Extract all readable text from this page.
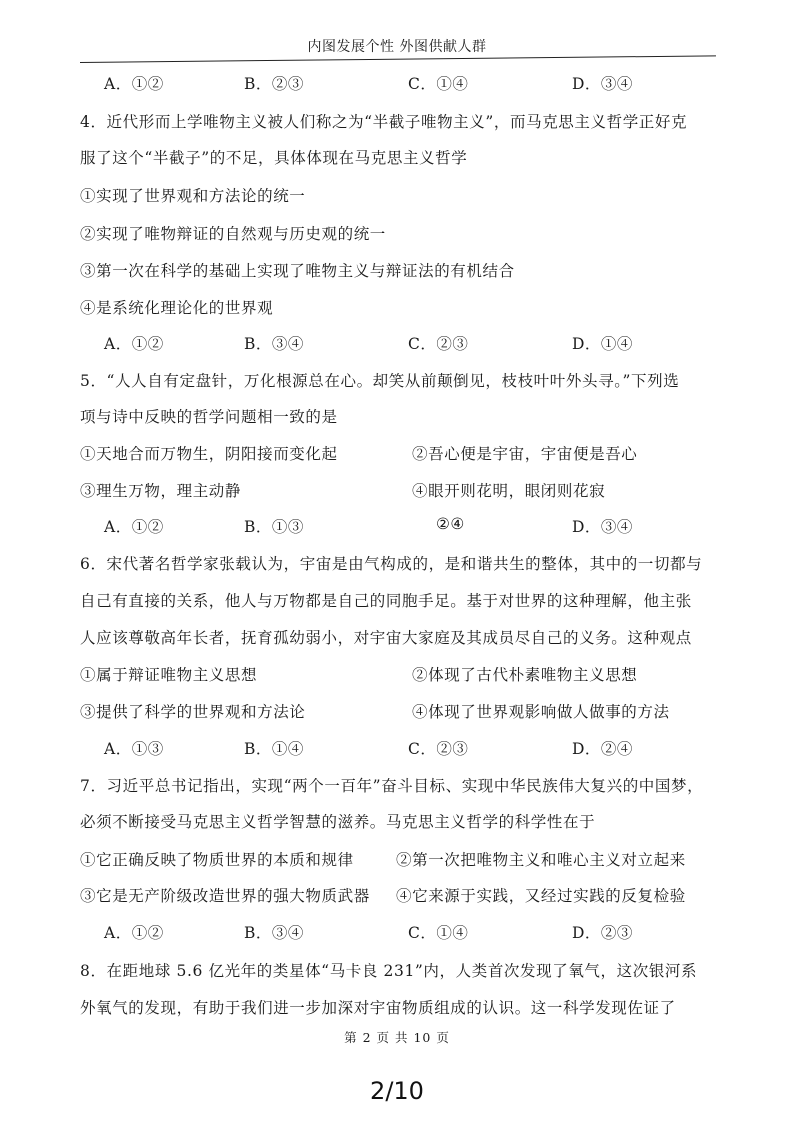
内图发展个性 外图供献人群
A．①②	B．②③	C．①④	D．③④
4．近代形而上学唯物主义被人们称之为“半截子唯物主义”，而马克思主义哲学正好克
服了这个“半截子”的不足，具体体现在马克思主义哲学
①实现了世界观和方法论的统一
②实现了唯物辩证的自然观与历史观的统一
③第一次在科学的基础上实现了唯物主义与辩证法的有机结合
④是系统化理论化的世界观
A．①②	B．③④	C．②③	D．①④
5．“人人自有定盘针，万化根源总在心。却笑从前颠倒见，枝枝叶叶外头寻。”下列选
项与诗中反映的哲学问题相一致的是
①天地合而万物生，阴阳接而变化起	②吾心便是宇宙，宇宙便是吾心
③理生万物，理主动静	④眼开则花明，眼闭则花寂
A．①②	B．①③	②④	D．③④
6．宋代著名哲学家张载认为，宇宙是由气构成的，是和谐共生的整体，其中的一切都与
自己有直接的关系，他人与万物都是自己的同胞手足。基于对世界的这种理解，他主张
人应该尊敬高年长者，抚育孤幼弱小，对宇宙大家庭及其成员尽自己的义务。这种观点
①属于辩证唯物主义思想	②体现了古代朴素唯物主义思想
③提供了科学的世界观和方法论	④体现了世界观影响做人做事的方法
A．①③	B．①④	C．②③	D．②④
7．习近平总书记指出，实现“两个一百年”奋斗目标、实现中华民族伟大复兴的中国梦，
必须不断接受马克思主义哲学智慧的滋养。马克思主义哲学的科学性在于
①它正确反映了物质世界的本质和规律	②第一次把唯物主义和唯心主义对立起来
③它是无产阶级改造世界的强大物质武器 ④它来源于实践，又经过实践的反复检验
A．①②	B．③④	C．①④	D．②③
8．在距地球 5.6 亿光年的类星体“马卡良 231”内，人类首次发现了氧气，这次银河系
外氧气的发现，有助于我们进一步加深对宇宙物质组成的认识。这一科学发现佐证了
第 2 页 共 10 页
2/10
